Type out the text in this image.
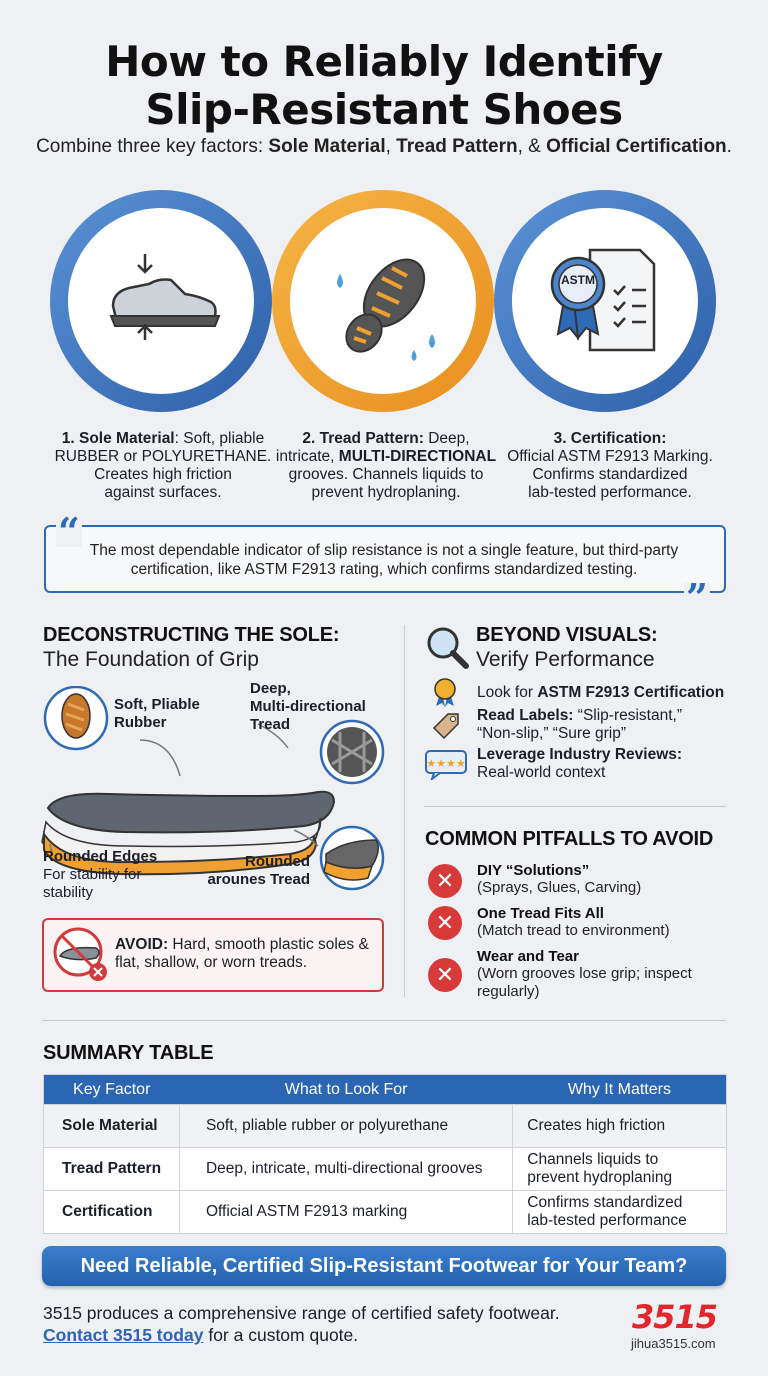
How to Reliably Identify
Slip-Resistant Shoes
Combine three key factors: Sole Material, Tread Pattern, & Official Certification.
ASTM
1. Sole Material: Soft, pliable
RUBBER or POLYURETHANE.
Creates high friction
against surfaces.
2. Tread Pattern: Deep,
intricate, MULTI-DIRECTIONAL
grooves. Channels liquids to
prevent hydroplaning.
3. Certification:
Official ASTM F2913 Marking.
Confirms standardized
lab-tested performance.
“
”
The most dependable indicator of slip resistance is not a single feature, but third-party
certification, like ASTM F2913 rating, which confirms standardized testing.
DECONSTRUCTING THE SOLE:
The Foundation of Grip
Soft, Pliable
Rubber
Deep,
Multi-directional
Tread
Rounded Edges
For stability for
stability
Rounded
arounes Tread
AVOID: Hard, smooth plastic soles &
flat, shallow, or worn treads.
BEYOND VISUALS:
Verify Performance
Look for ASTM F2913 Certification
Read Labels: “Slip-resistant,”
“Non-slip,” “Sure grip”
★★★★
Leverage Industry Reviews:
Real-world context
COMMON PITFALLS TO AVOID
✕	DIY “Solutions”
(Sprays, Glues, Carving)
✕	One Tread Fits All
(Match tread to environment)
✕
Wear and Tear
(Worn grooves lose grip; inspect
regularly)
SUMMARY TABLE
Key Factor	What to Look For	Why It Matters
Sole Material	Soft, pliable rubber or polyurethane	Creates high friction

Tread Pattern	Deep, intricate, multi-directional grooves	Channels liquids to
prevent hydroplaning

Certification	Official ASTM F2913 marking	Confirms standardized
lab-tested performance
Need Reliable, Certified Slip-Resistant Footwear for Your Team?
3515 produces a comprehensive range of certified safety footwear.
Contact 3515 today for a custom quote.	3515
jihua3515.com
